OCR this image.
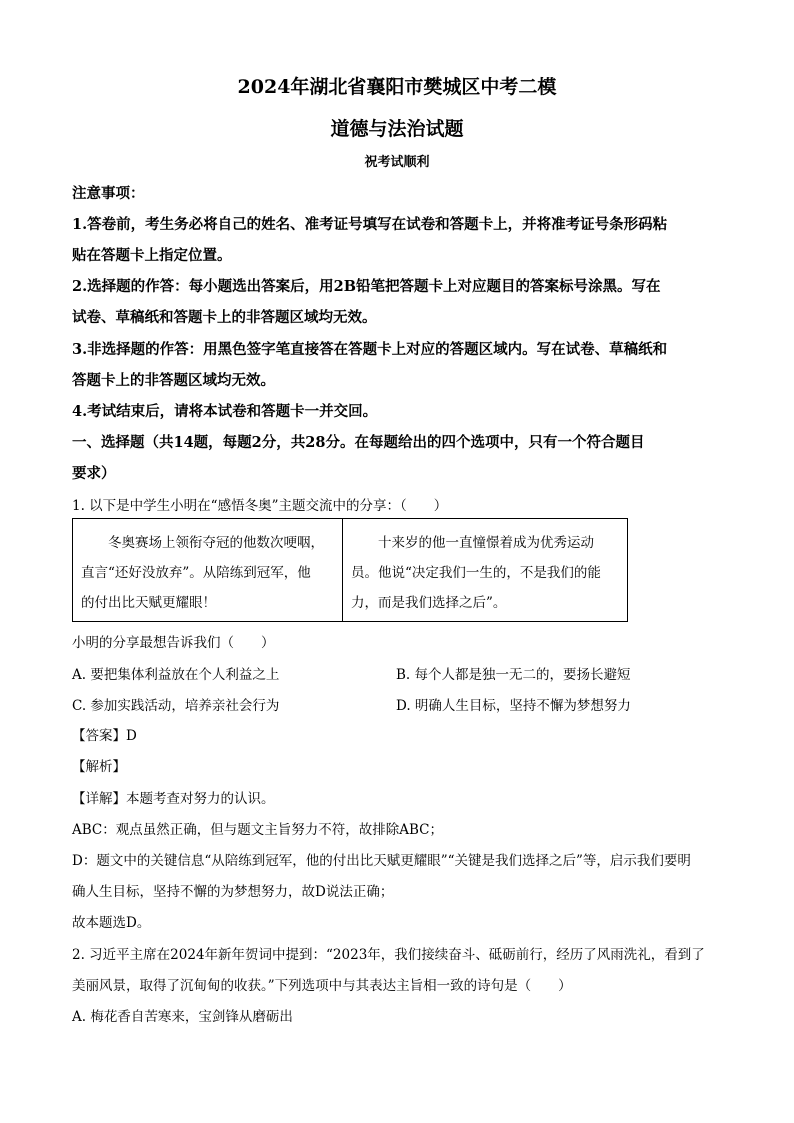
2024年湖北省襄阳市樊城区中考二模
道德与法治试题
祝考试顺利
注意事项：
1.答卷前，考生务必将自己的姓名、准考证号填写在试卷和答题卡上，并将准考证号条形码粘
贴在答题卡上指定位置。
2.选择题的作答：每小题选出答案后，用2B铅笔把答题卡上对应题目的答案标号涂黑。写在
试卷、草稿纸和答题卡上的非答题区域均无效。
3.非选择题的作答：用黑色签字笔直接答在答题卡上对应的答题区域内。写在试卷、草稿纸和
答题卡上的非答题区域均无效。
4.考试结束后，请将本试卷和答题卡一并交回。
一、选择题（共14题，每题2分，共28分。在每题给出的四个选项中，只有一个符合题目
要求）
1. 以下是中学生小明在“感悟冬奥”主题交流中的分享：（　　）
　　冬奥赛场上领衔夺冠的他数次哽咽，
直言“还好没放弃”。从陪练到冠军，他
的付出比天赋更耀眼！
　　十来岁的他一直憧憬着成为优秀运动
员。他说“决定我们一生的，不是我们的能
力，而是我们选择之后”。
小明的分享最想告诉我们（　　）
A. 要把集体利益放在个人利益之上	B. 每个人都是独一无二的，要扬长避短
C. 参加实践活动，培养亲社会行为	D. 明确人生目标，坚持不懈为梦想努力
【答案】D
【解析】
【详解】本题考查对努力的认识。
ABC：观点虽然正确，但与题文主旨努力不符，故排除ABC；
D：题文中的关键信息“从陪练到冠军，他的付出比天赋更耀眼”“关键是我们选择之后”等，启示我们要明
确人生目标，坚持不懈的为梦想努力，故D说法正确；
故本题选D。
2. 习近平主席在2024年新年贺词中提到：“2023年，我们接续奋斗、砥砺前行，经历了风雨洗礼，看到了
美丽风景，取得了沉甸甸的收获。”下列选项中与其表达主旨相一致的诗句是（　　）
A. 梅花香自苦寒来，宝剑锋从磨砺出
